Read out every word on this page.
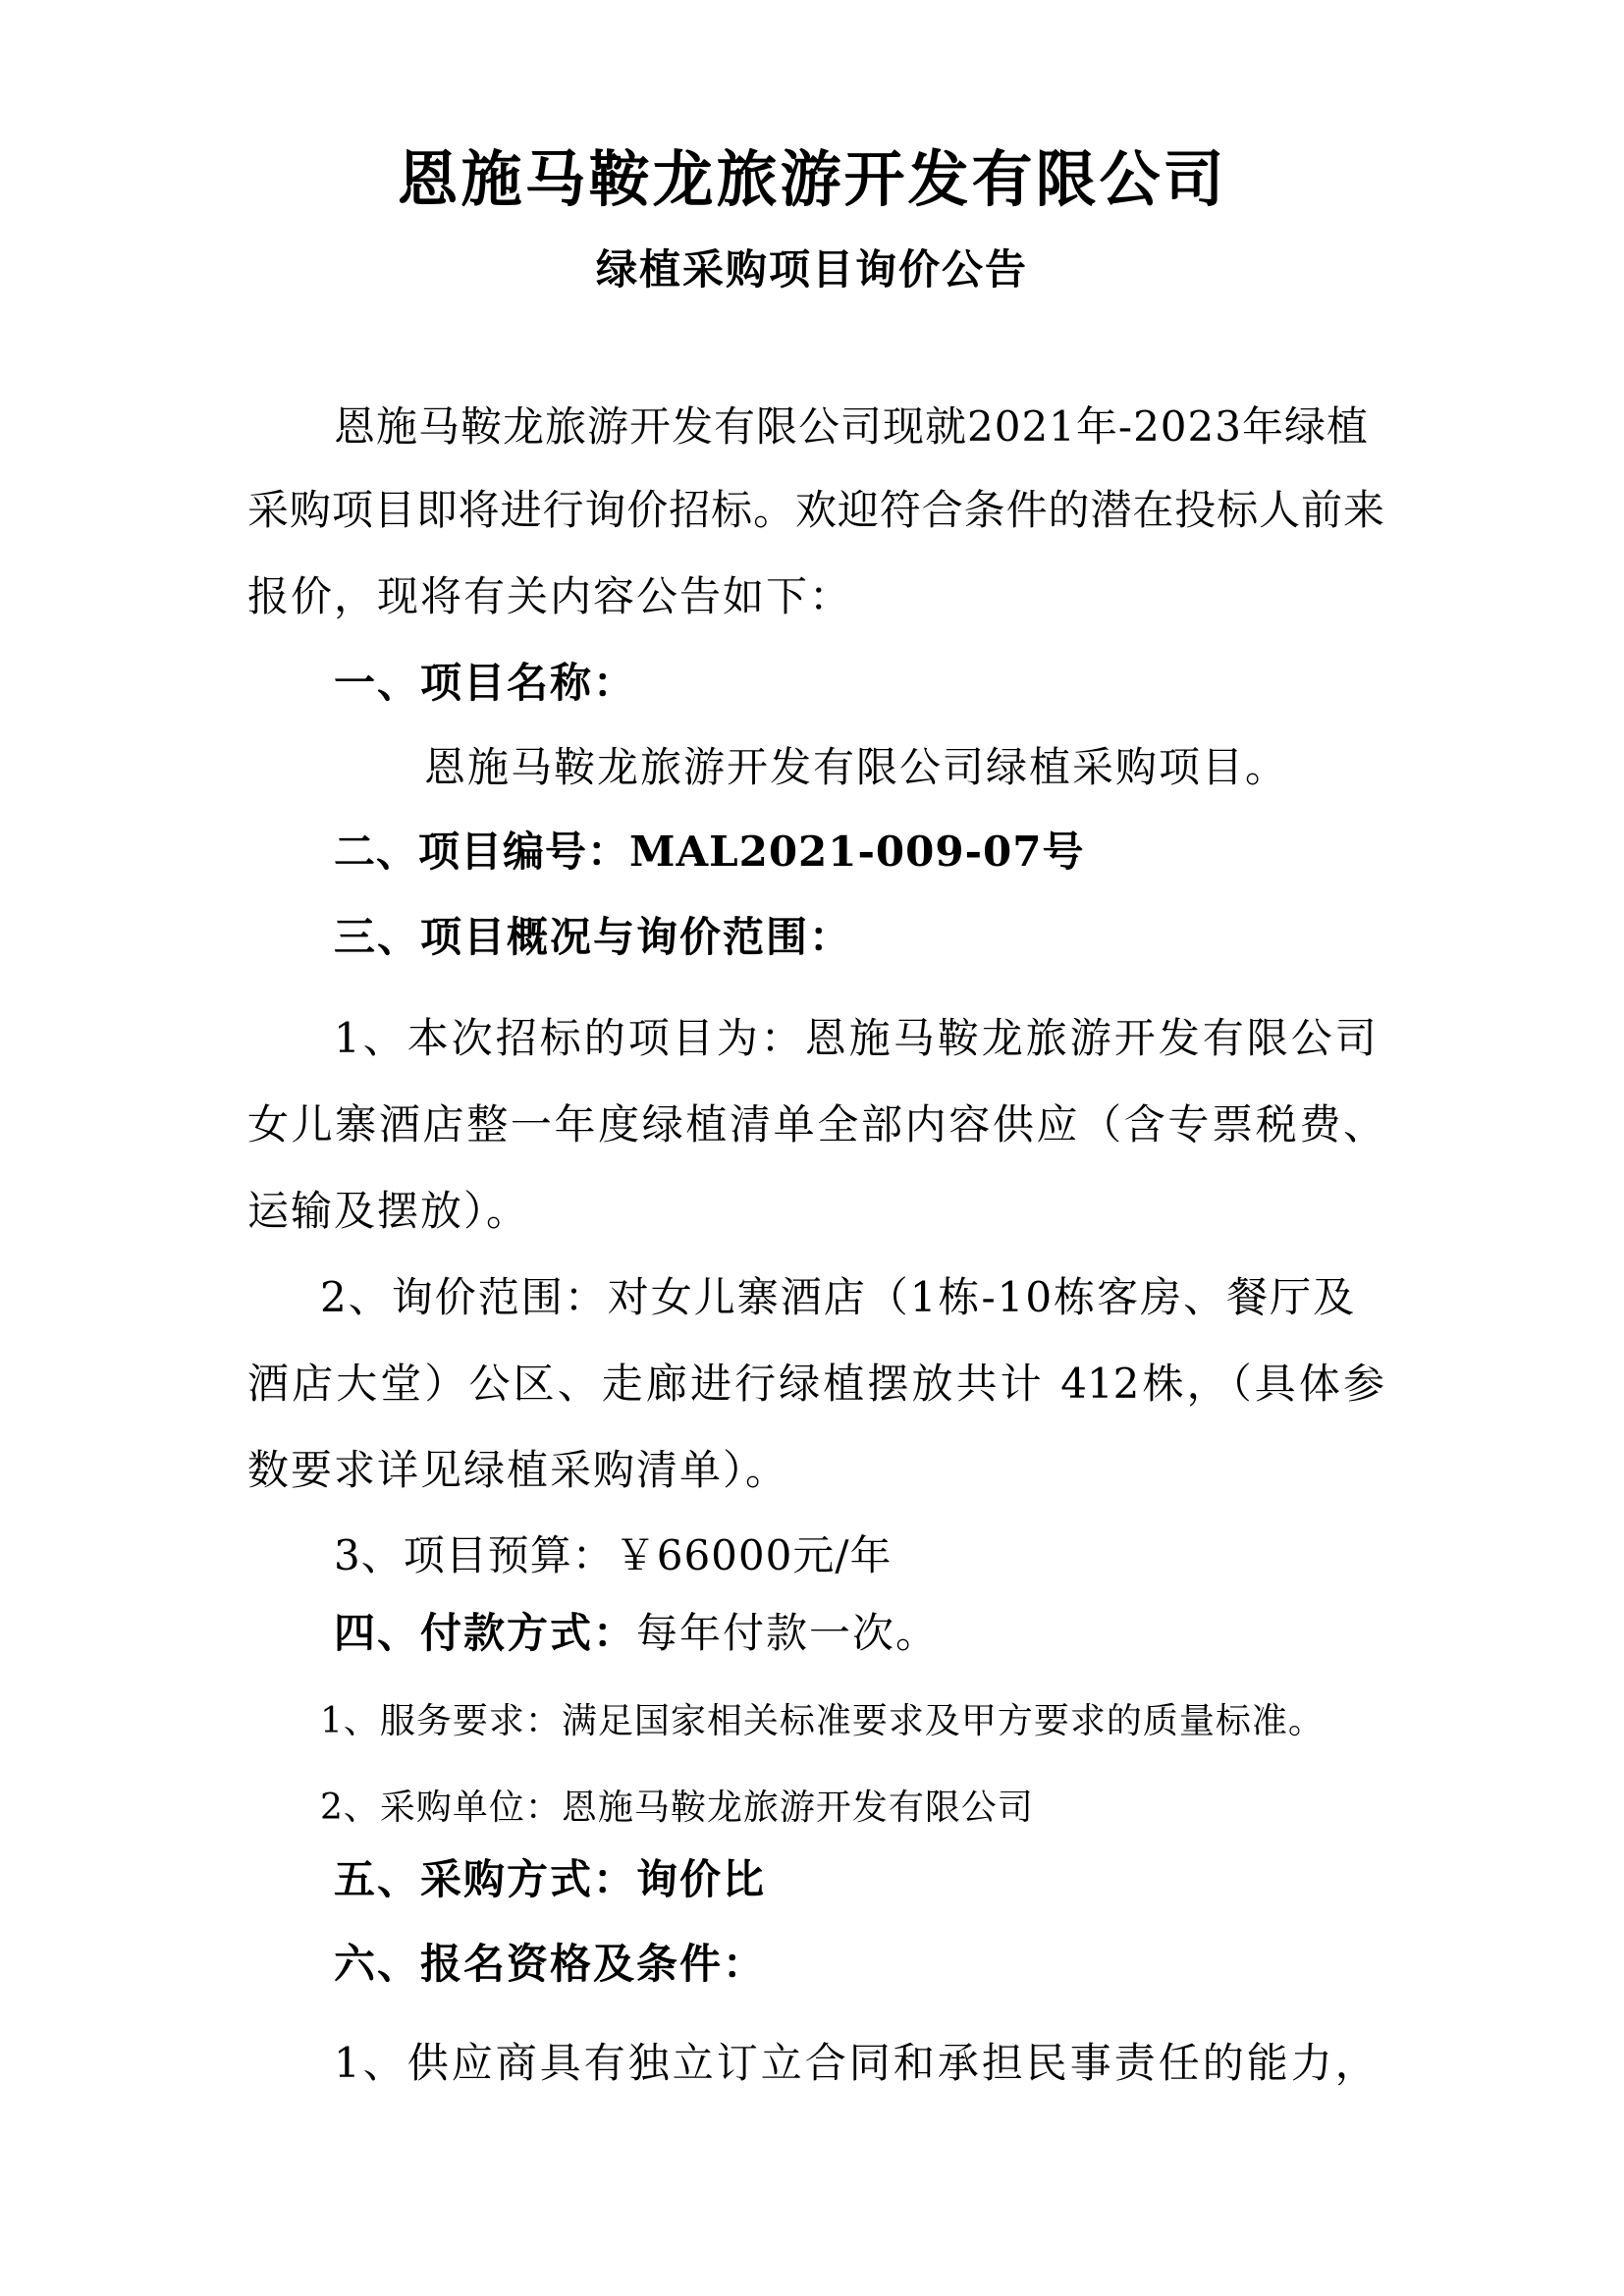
恩施马鞍龙旅游开发有限公司
绿植采购项目询价公告
恩施马鞍龙旅游开发有限公司现就2021年-2023年绿植
采购项目即将进行询价招标。欢迎符合条件的潜在投标人前来
报价，现将有关内容公告如下：
一、项目名称：
恩施马鞍龙旅游开发有限公司绿植采购项目。
二、项目编号：MAL2021-009-07号
三、项目概况与询价范围：
1、本次招标的项目为：恩施马鞍龙旅游开发有限公司
女儿寨酒店整一年度绿植清单全部内容供应（含专票税费、
运输及摆放）。
2、询价范围：对女儿寨酒店（1栋-10栋客房、餐厅及
酒店大堂）公区、走廊进行绿植摆放共计 412株，（具体参
数要求详见绿植采购清单）。
3、项目预算：￥66000元/年
四、付款方式：每年付款一次。
1、服务要求：满足国家相关标准要求及甲方要求的质量标准。
2、采购单位：恩施马鞍龙旅游开发有限公司
五、采购方式：询价比
六、报名资格及条件：
1、供应商具有独立订立合同和承担民事责任的能力，
